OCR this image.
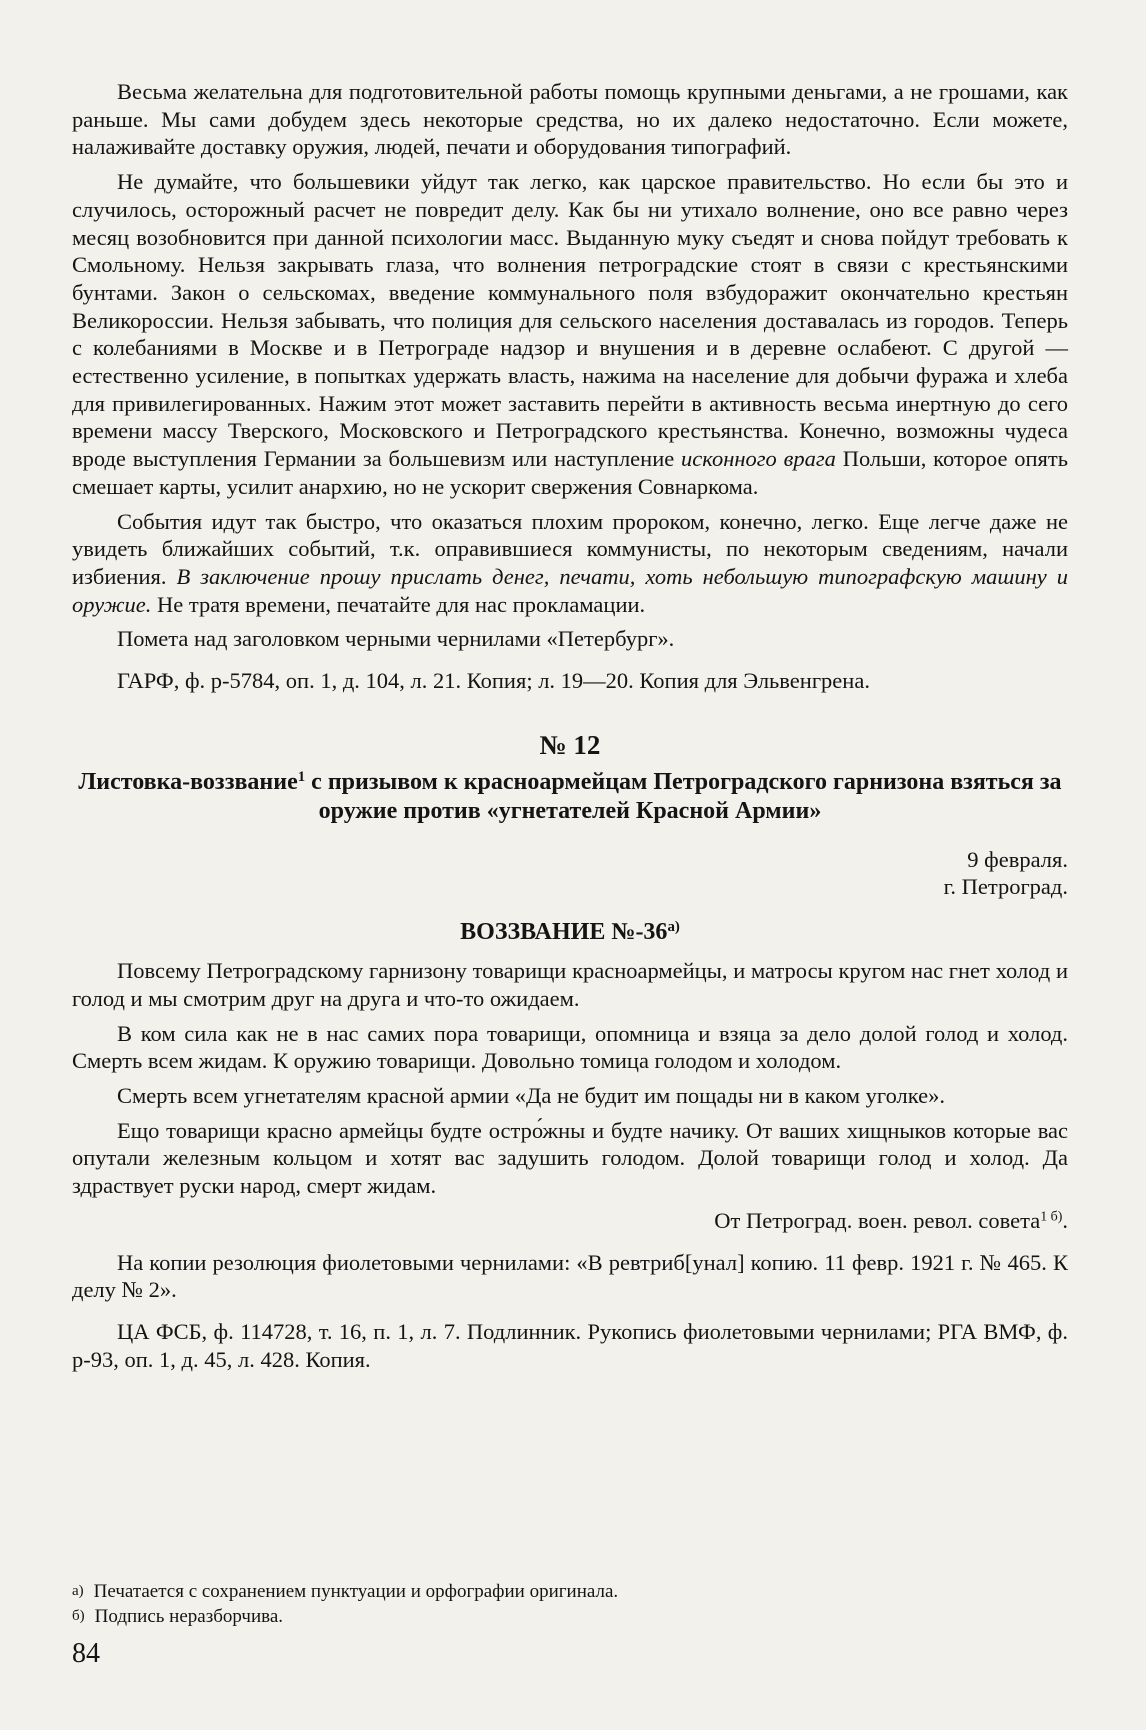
Весьма желательна для подготовительной работы помощь крупными деньгами, а не грошами, как раньше. Мы сами добудем здесь некоторые средства, но их далеко недостаточно. Если можете, налаживайте доставку оружия, людей, печати и оборудования типографий.

Не думайте, что большевики уйдут так легко, как царское правительство. Но если бы это и случилось, осторожный расчет не повредит делу. Как бы ни утихало волнение, оно все равно через месяц возобновится при данной психологии масс. Выданную муку съедят и снова пойдут требовать к Смольному. Нельзя закрывать глаза, что волнения петроградские стоят в связи с крестьянскими бунтами. Закон о сельскомах, введение коммунального поля взбудоражит окончательно крестьян Великороссии. Нельзя забывать, что полиция для сельского населения доставалась из городов. Теперь с колебаниями в Москве и в Петрограде надзор и внушения и в деревне ослабеют. С другой — естественно усиление, в попытках удержать власть, нажима на население для добычи фуража и хлеба для привилегированных. Нажим этот может заставить перейти в активность весьма инертную до сего времени массу Тверского, Московского и Петроградского крестьянства. Конечно, возможны чудеса вроде выступления Германии за большевизм или наступление исконного врага Польши, которое опять смешает карты, усилит анархию, но не ускорит свержения Совнаркома.

События идут так быстро, что оказаться плохим пророком, конечно, легко. Еще легче даже не увидеть ближайших событий, т.к. оправившиеся коммунисты, по некоторым сведениям, начали избиения. В заключение прошу прислать денег, печати, хоть небольшую типографскую машину и оружие. Не тратя времени, печатайте для нас прокламации.

Помета над заголовком черными чернилами «Петербург».

ГАРФ, ф. р-5784, оп. 1, д. 104, л. 21. Копия; л. 19—20. Копия для Эльвенгрена.

№ 12
Листовка-воззвание$^1$ с призывом к красноармейцам Петроградского гарнизона взяться за оружие против «угнетателей Красной Армии»

9 февраля.

г. Петроград.

ВОЗЗВАНИЕ $№-36^{а)}$

Повсему Петроградскому гарнизону товарищи красноармейцы, и матросы кругом нас гнет холод и голод и мы смотрим друг на друга и что-то ожидаем.

В ком сила как не в нас самих пора товарищи, опомница и взяца за дело долой голод и холод. Смерть всем жидам. К оружию товарищи. Довольно томица голодом и холодом.

Смерть всем угнетателям красной армии «Да не будит им пощады ни в каком уголке».

Ещо товарищи красно армейцы будте остро́жны и будте начику. От ваших хищныков которые вас опутали железным кольцом и хотят вас задушить голодом. Долой товарищи голод и холод. Да здраствует руски народ, смерт жидам.

От Петроград. воен. револ. совета$^{1 б)}$.

На копии резолюция фиолетовыми чернилами: «В ревтриб[унал] копию. 11 февр. 1921 г. № 465. К делу № 2».

ЦА ФСБ, ф. 114728, т. 16, п. 1, л. 7. Подлинник. Рукопись фиолетовыми чернилами; РГА ВМФ, ф. р-93, оп. 1, д. 45, л. 428. Копия.

а) Печатается с сохранением пунктуации и орфографии оригинала.
б) Подпись неразборчива.
84
